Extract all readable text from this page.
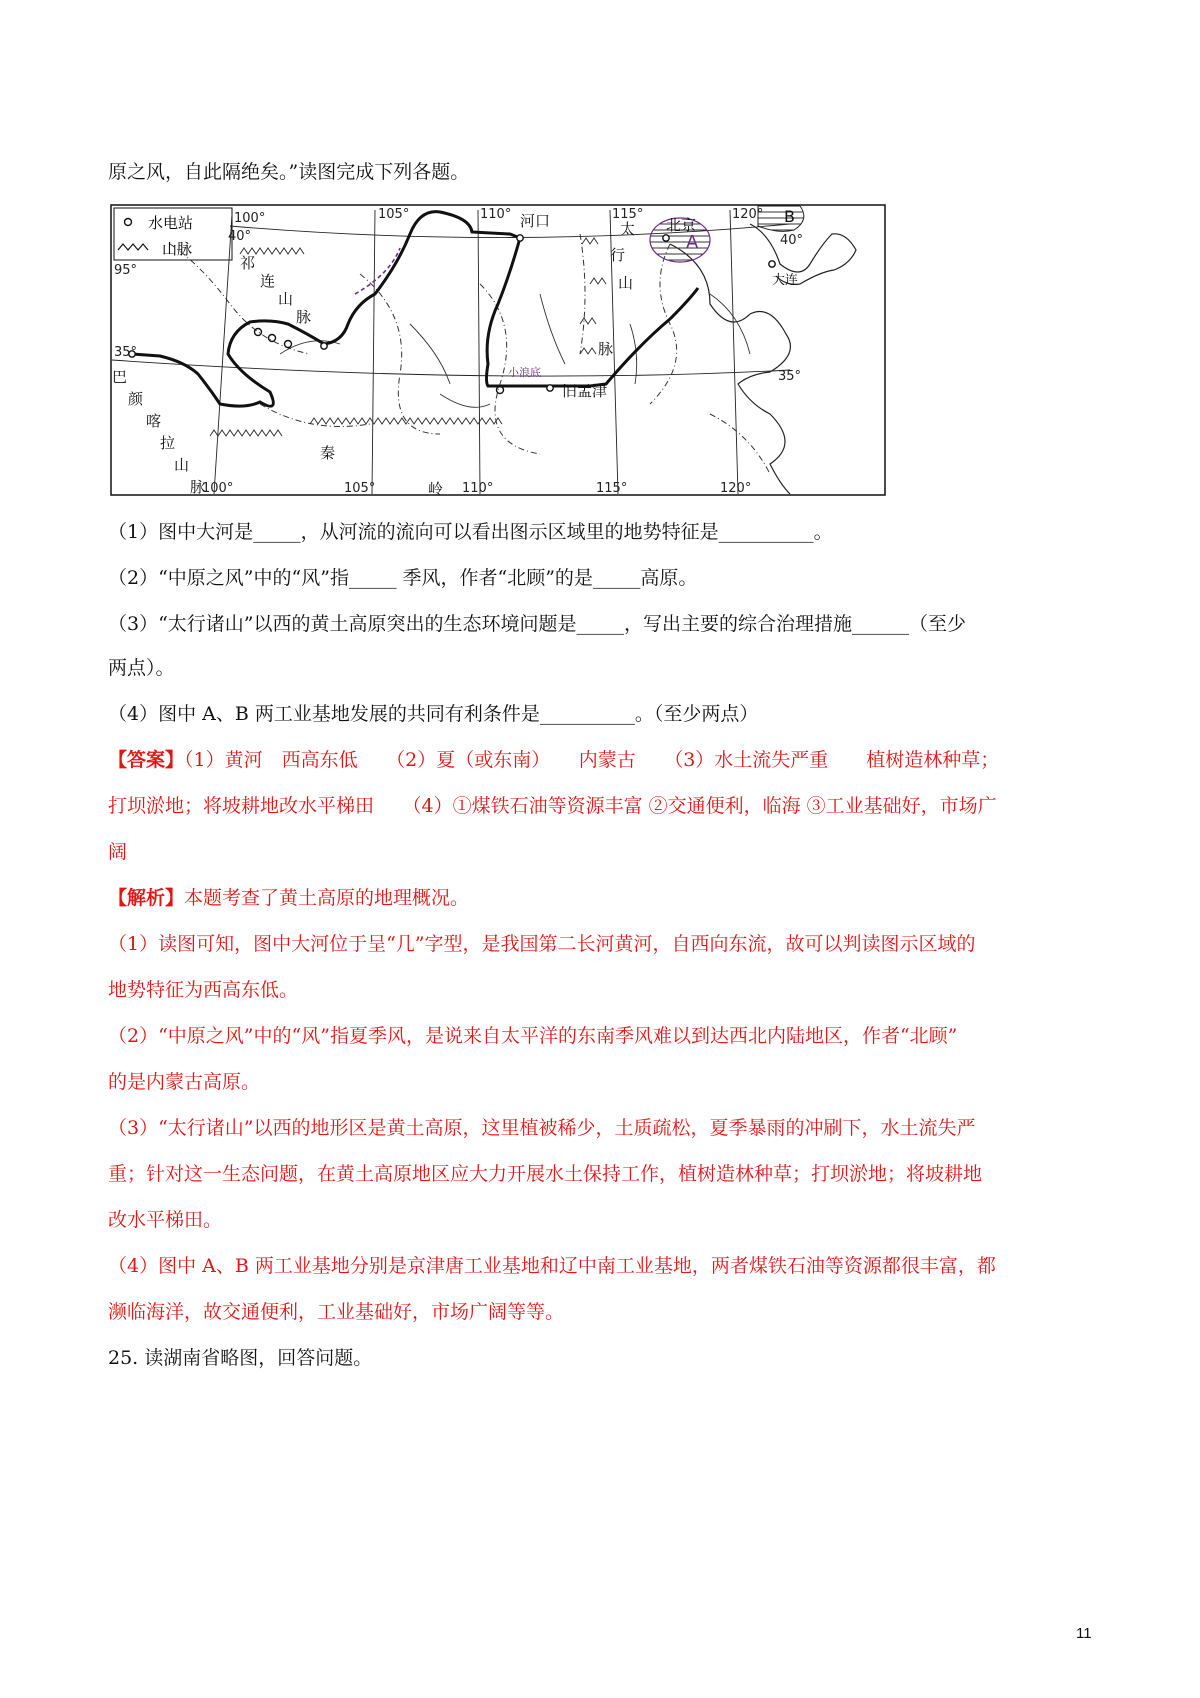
原之风，自此隔绝矣。”读图完成下列各题。
水电站
山脉
100°	105°	110°	115°	120°
100°	105°	110°	115°	120°
40°
95°
35°
40°
35°
河口	太
行
山
脉
北京
A
B
大连
祁
连
山
脉
巴
颜
喀
拉
山
脉
秦
岭
小浪底
旧孟津
（1）图中大河是_____，从河流的流向可以看出图示区域里的地势特征是__________。
（2）“中原之风”中的“风”指_____ 季风，作者“北顾”的是_____高原。
（3）“太行诸山”以西的黄土高原突出的生态环境问题是_____，写出主要的综合治理措施______（至少
两点）。
（4）图中 A、B 两工业基地发展的共同有利条件是__________。（至少两点）
【答案】（1）黄河　西高东低　　（2）夏（或东南）　　内蒙古　　（3）水土流失严重　　植树造林种草；
打坝淤地；将坡耕地改水平梯田　　（4）①煤铁石油等资源丰富 ②交通便利，临海 ③工业基础好，市场广
阔
【解析】本题考查了黄土高原的地理概况。
（1）读图可知，图中大河位于呈“几”字型，是我国第二长河黄河，自西向东流，故可以判读图示区域的
地势特征为西高东低。
（2）“中原之风”中的“风”指夏季风，是说来自太平洋的东南季风难以到达西北内陆地区，作者“北顾”
的是内蒙古高原。
（3）“太行诸山”以西的地形区是黄土高原，这里植被稀少，土质疏松，夏季暴雨的冲刷下，水土流失严
重；针对这一生态问题，在黄土高原地区应大力开展水土保持工作，植树造林种草；打坝淤地；将坡耕地
改水平梯田。
（4）图中 A、B 两工业基地分别是京津唐工业基地和辽中南工业基地，两者煤铁石油等资源都很丰富，都
濒临海洋，故交通便利，工业基础好，市场广阔等等。
25. 读湖南省略图，回答问题。
11
